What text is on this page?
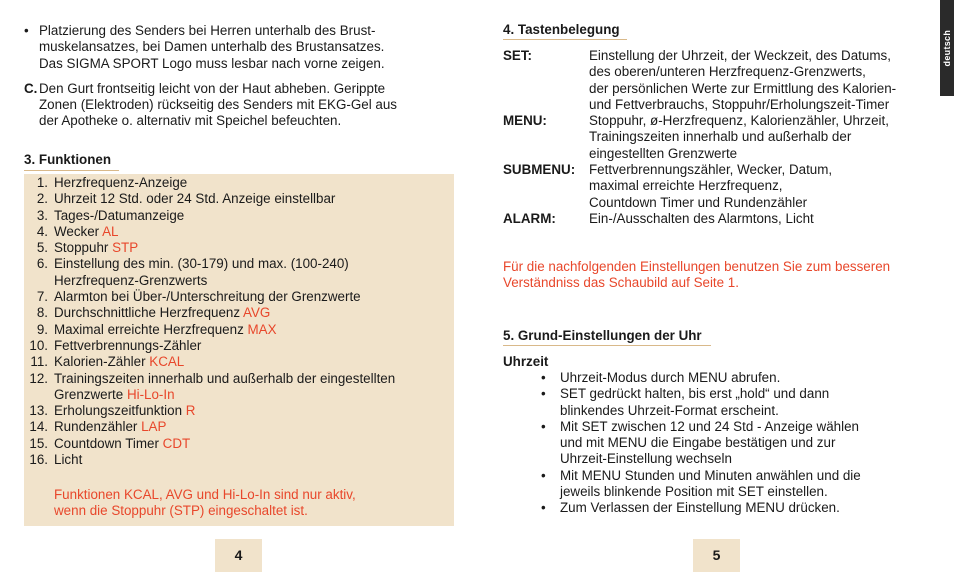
• Platzierung des Senders bei Herren unterhalb des Brust-
muskelansatzes, bei Damen unterhalb des Brustansatzes.
Das SIGMA SPORT Logo muss lesbar nach vorne zeigen.
C. Den Gurt frontseitig leicht von der Haut abheben. Gerippte
Zonen (Elektroden) rückseitig des Senders mit EKG-Gel aus
der Apotheke o. alternativ mit Speichel befeuchten.
3. Funktionen
1. Herzfrequenz-Anzeige
2. Uhrzeit 12 Std. oder 24 Std. Anzeige einstellbar
3. Tages-/Datumanzeige
4. Wecker AL
5. Stoppuhr STP
6. Einstellung des min. (30-179) und max. (100-240)
Herzfrequenz-Grenzwerts
7. Alarmton bei Über-/Unterschreitung der Grenzwerte
8. Durchschnittliche Herzfrequenz AVG
9. Maximal erreichte Herzfrequenz MAX
10. Fettverbrennungs-Zähler
11. Kalorien-Zähler KCAL
12. Trainingszeiten innerhalb und außerhalb der eingestellten
Grenzwerte Hi-Lo-In
13. Erholungszeitfunktion R
14. Rundenzähler LAP
15. Countdown Timer CDT
16. Licht
Funktionen KCAL, AVG und Hi-Lo-In sind nur aktiv,
wenn die Stoppuhr (STP) eingeschaltet ist.
4
4. Tastenbelegung
SET:	Einstellung der Uhrzeit, der Weckzeit, des Datums,
des oberen/unteren Herzfrequenz-Grenzwerts,
der persönlichen Werte zur Ermittlung des Kalorien-
und Fettverbrauchs, Stoppuhr/Erholungszeit-Timer
MENU:	Stoppuhr, ø-Herzfrequenz, Kalorienzähler, Uhrzeit,
Trainingszeiten innerhalb und außerhalb der
eingestellten Grenzwerte
SUBMENU: Fettverbrennungszähler, Wecker, Datum,
maximal erreichte Herzfrequenz,
Countdown Timer und Rundenzähler
ALARM: Ein-/Ausschalten des Alarmtons, Licht
Für die nachfolgenden Einstellungen benutzen Sie zum besseren
Verständniss das Schaubild auf Seite 1.
5. Grund-Einstellungen der Uhr
Uhrzeit
• Uhrzeit-Modus durch MENU abrufen.
• SET gedrückt halten, bis erst „hold“ und dann
blinkendes Uhrzeit-Format erscheint.
• Mit SET zwischen 12 und 24 Std - Anzeige wählen
und mit MENU die Eingabe bestätigen und zur
Uhrzeit-Einstellung wechseln
• Mit MENU Stunden und Minuten anwählen und die
jeweils blinkende Position mit SET einstellen.
• Zum Verlassen der Einstellung MENU drücken.
5
deutsch
